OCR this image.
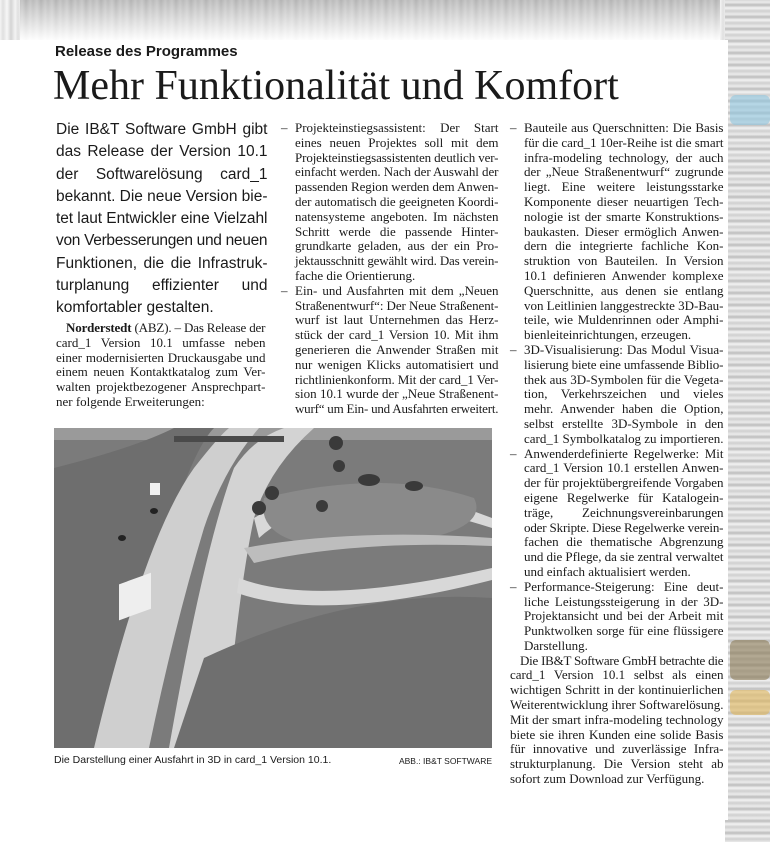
Release des Programmes
Mehr Funktionalität und Komfort
Die IB&T Software GmbH gibt
das Release der Version 10.1
der Softwarelösung card_1
bekannt. Die neue Version bie-
tet laut Entwickler eine Vielzahl
von Verbesserungen und neuen
Funktionen, die die Infrastruk-
turplanung effizienter und
komfortabler gestalten.
Norderstedt (ABZ). – Das Release der
card_1 Version 10.1 umfasse neben
einer modernisierten Druckausgabe und
einem neuen Kontaktkatalog zum Ver-
walten projektbezogener Ansprechpart-
ner folgende Erweiterungen:
– Projekteinstiegsassistent: Der Start
eines neuen Projektes soll mit dem
Projekteinstiegsassistenten deutlich ver-
einfacht werden. Nach der Auswahl der
passenden Region werden dem Anwen-
der automatisch die geeigneten Koordi-
natensysteme angeboten. Im nächsten
Schritt werde die passende Hinter-
grundkarte geladen, aus der ein Pro-
jektausschnitt gewählt wird. Das verein-
fache die Orientierung.
– Ein- und Ausfahrten mit dem „Neuen
Straßenentwurf“: Der Neue Straßenent-
wurf ist laut Unternehmen das Herz-
stück der card_1 Version 10. Mit ihm
generieren die Anwender Straßen mit
nur wenigen Klicks automatisiert und
richtlinienkonform. Mit der card_1 Ver-
sion 10.1 wurde der „Neue Straßenent-
wurf“ um Ein- und Ausfahrten erweitert.
– Bauteile aus Querschnitten: Die Basis
für die card_1 10er-Reihe ist die smart
infra-modeling technology, der auch
der „Neue Straßenentwurf“ zugrunde
liegt. Eine weitere leistungsstarke
Komponente dieser neuartigen Tech-
nologie ist der smarte Konstruktions-
baukasten. Dieser ermöglich Anwen-
dern die integrierte fachliche Kon-
struktion von Bauteilen. In Version
10.1 definieren Anwender komplexe
Querschnitte, aus denen sie entlang
von Leitlinien langgestreckte 3D-Bau-
teile, wie Muldenrinnen oder Amphi-
bienleiteinrichtungen, erzeugen.
– 3D-Visualisierung: Das Modul Visua-
lisierung biete eine umfassende Biblio-
thek aus 3D-Symbolen für die Vegeta-
tion, Verkehrszeichen und vieles
mehr. Anwender haben die Option,
selbst erstellte 3D-Symbole in den
card_1 Symbolkatalog zu importieren.
– Anwenderdefinierte Regelwerke: Mit
card_1 Version 10.1 erstellen Anwen-
der für projektübergreifende Vorgaben
eigene Regelwerke für Katalogein-
träge, Zeichnungsvereinbarungen
oder Skripte. Diese Regelwerke verein-
fachen die thematische Abgrenzung
und die Pflege, da sie zentral verwaltet
und einfach aktualisiert werden.
– Performance-Steigerung: Eine deut-
liche Leistungssteigerung in der 3D-
Projektansicht und bei der Arbeit mit
Punktwolken sorge für eine flüssigere
Darstellung.
Die IB&T Software GmbH betrachte die
card_1 Version 10.1 selbst als einen
wichtigen Schritt in der kontinuierlichen
Weiterentwicklung ihrer Softwarelösung.
Mit der smart infra-modeling technology
biete sie ihren Kunden eine solide Basis
für innovative und zuverlässige Infra-
strukturplanung. Die Version steht ab
sofort zum Download zur Verfügung.
Die Darstellung einer Ausfahrt in 3D in card_1 Version 10.1.	ABB.: IB&T SOFTWARE
